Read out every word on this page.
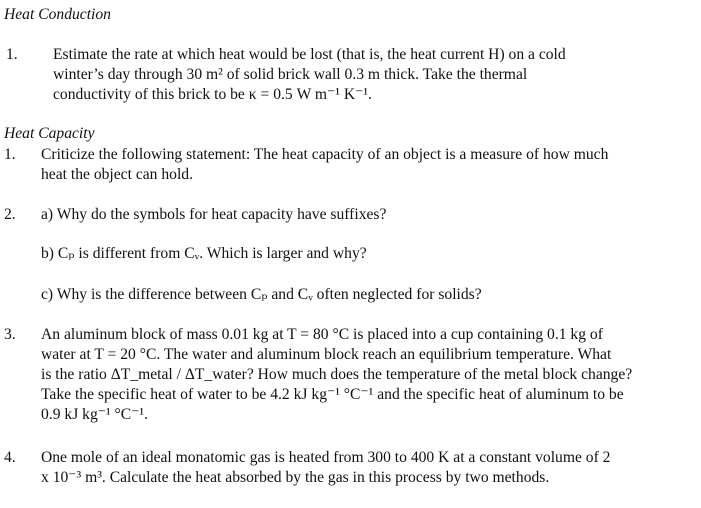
Heat Conduction
1. Estimate the rate at which heat would be lost (that is, the heat current H) on a cold
winter’s day through 30 m² of solid brick wall 0.3 m thick. Take the thermal
conductivity of this brick to be κ = 0.5 W m⁻¹ K⁻¹.
Heat Capacity
1. Criticize the following statement: The heat capacity of an object is a measure of how much
heat the object can hold.
2. a) Why do the symbols for heat capacity have suffixes?
b) Cₚ is different from Cᵥ. Which is larger and why?
c) Why is the difference between Cₚ and Cᵥ often neglected for solids?
3. An aluminum block of mass 0.01 kg at T = 80 °C is placed into a cup containing 0.1 kg of
water at T = 20 °C. The water and aluminum block reach an equilibrium temperature. What
is the ratio ΔT_metal / ΔT_water? How much does the temperature of the metal block change?
Take the specific heat of water to be 4.2 kJ kg⁻¹ °C⁻¹ and the specific heat of aluminum to be
0.9 kJ kg⁻¹ °C⁻¹.
4. One mole of an ideal monatomic gas is heated from 300 to 400 K at a constant volume of 2
x 10⁻³ m³. Calculate the heat absorbed by the gas in this process by two methods.
